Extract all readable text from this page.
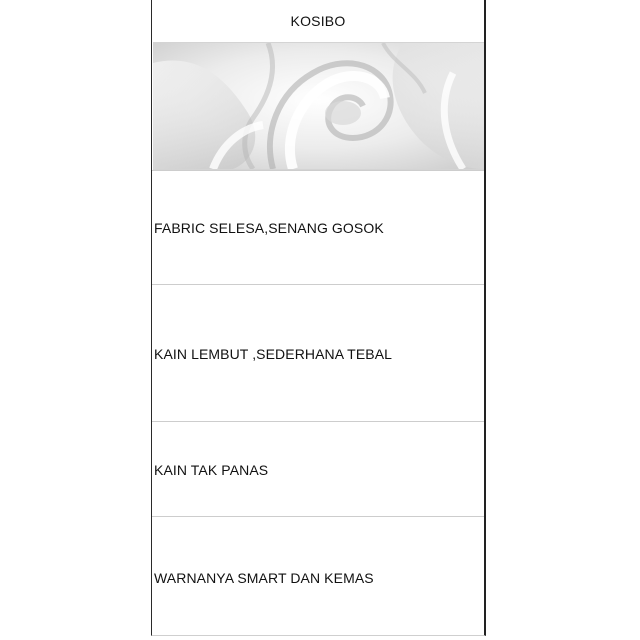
KOSIBO
FABRIC SELESA,SENANG GOSOK
KAIN LEMBUT ,SEDERHANA TEBAL
KAIN TAK PANAS
WARNANYA SMART DAN KEMAS
